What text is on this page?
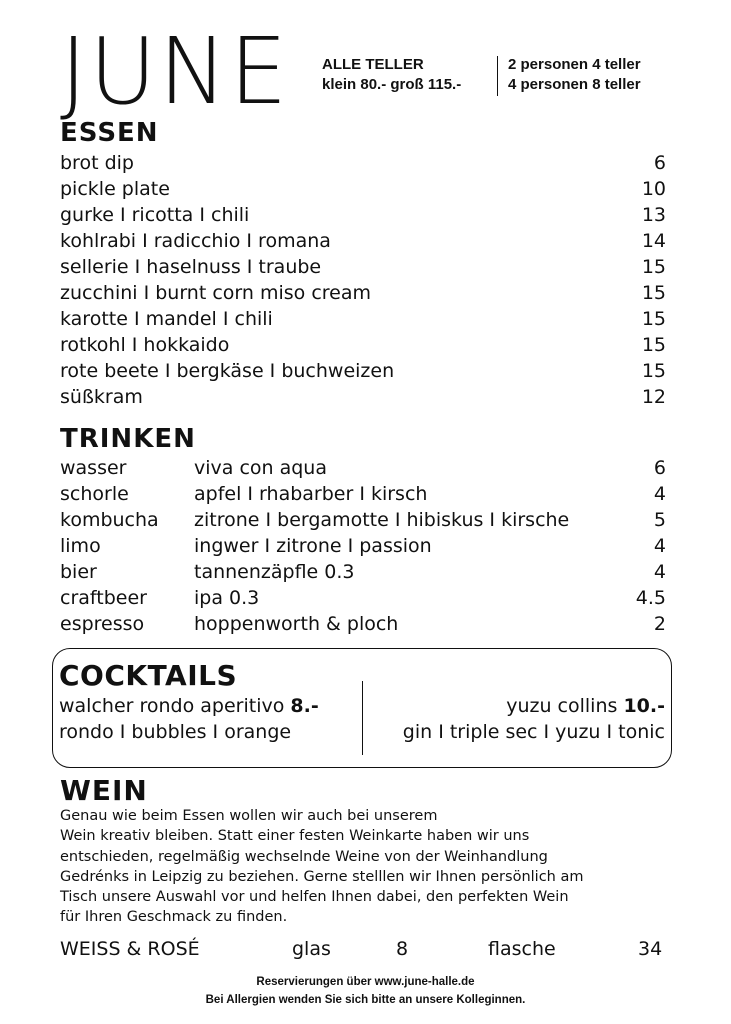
JUNE ALLE TELLER
klein 80.- groß 115.-
2 personen 4 teller
4 personen 8 teller
ESSEN
brot dip	6
pickle plate	10
gurke I ricotta I chili	13
kohlrabi I radicchio I romana	14
sellerie I haselnuss I traube	15
zucchini I burnt corn miso cream	15
karotte I mandel I chili	15
rotkohl I hokkaido	15
rote beete I bergkäse I buchweizen	15
süßkram	12
TRINKEN
wasser	viva con aqua	6
schorle	apfel I rhabarber I kirsch	4
kombucha	zitrone I bergamotte I hibiskus I kirsche	5
limo	ingwer I zitrone I passion	4
bier	tannenzäpfle 0.3	4
craftbeer	ipa 0.3	4.5
espresso	hoppenworth & ploch	2
COCKTAILS
walcher rondo aperitivo 8.-
rondo I bubbles I orange
yuzu collins 10.-
gin I triple sec I yuzu I tonic
WEIN
Genau wie beim Essen wollen wir auch bei unserem
Wein kreativ bleiben. Statt einer festen Weinkarte haben wir uns
entschieden, regelmäßig wechselnde Weine von der Weinhandlung
Gedrénks in Leipzig zu beziehen. Gerne stelllen wir Ihnen persönlich am
Tisch unsere Auswahl vor und helfen Ihnen dabei, den perfekten Wein
für Ihren Geschmack zu finden.
WEISS & ROSÉ	glas	8	flasche	34
Reservierungen über www.june-halle.de
Bei Allergien wenden Sie sich bitte an unsere Kolleginnen.
